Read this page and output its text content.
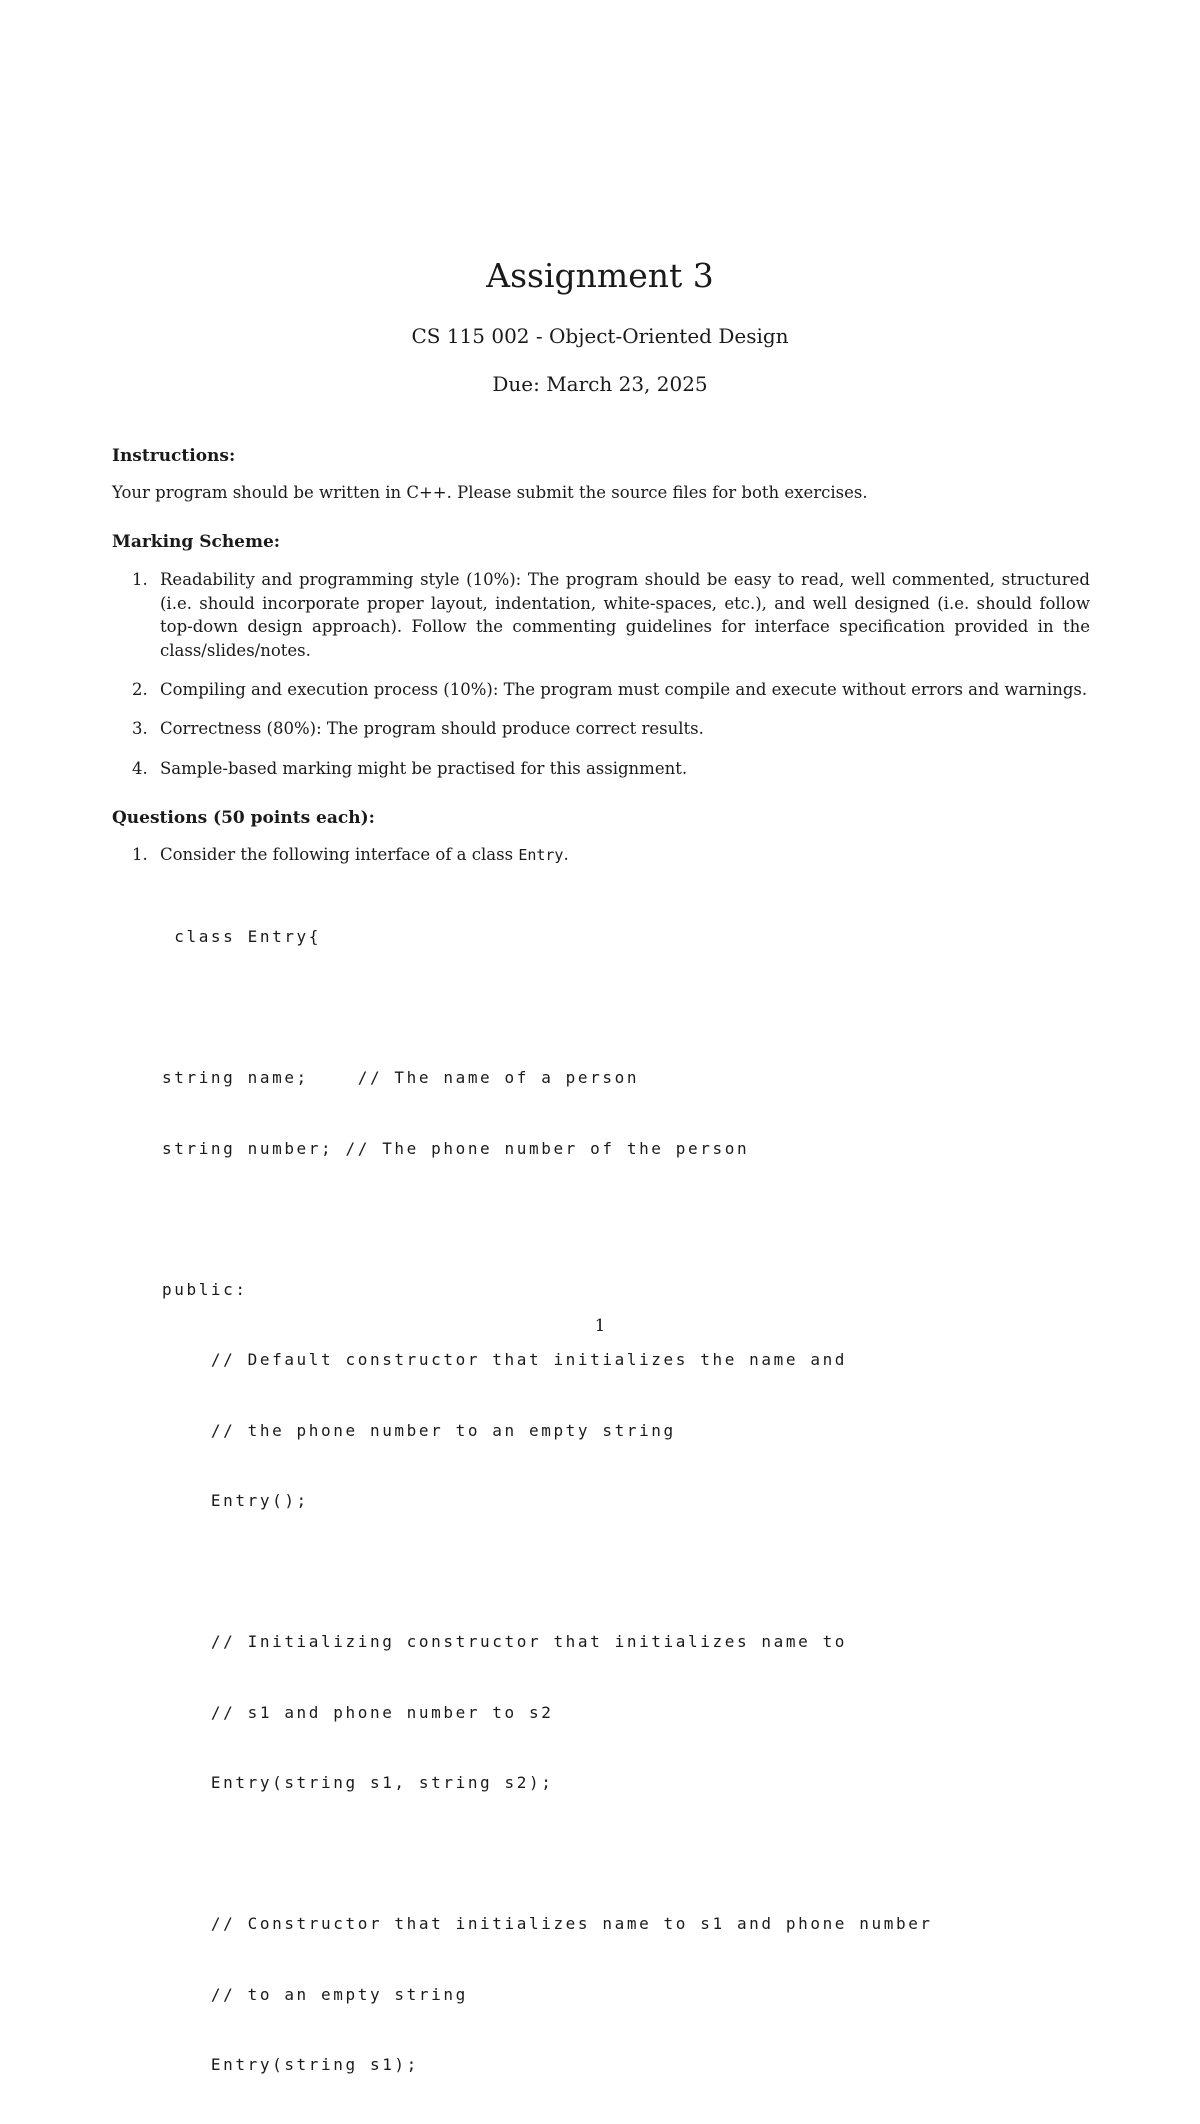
Assignment 3
CS 115 002 - Object-Oriented Design
Due: March 23, 2025
Instructions:

Your program should be written in C++. Please submit the source files for both exercises.

Marking Scheme:
1. Readability and programming style (10%): The program should be easy to read, well commented, structured (i.e. should incorporate proper layout, indentation, white-spaces, etc.), and well designed (i.e. should follow top-down design approach). Follow the commenting guidelines for interface specification provided in the class/slides/notes.
2. Compiling and execution process (10%): The program must compile and execute without errors and warnings.
3. Correctness (80%): The program should produce correct results.
4. Sample-based marking might be practised for this assignment.
Questions (50 points each):
1. Consider the following interface of a class Entry.

class Entry{

string name;    // The name of a person

string number; // The phone number of the person

public:

// Default constructor that initializes the name and

// the phone number to an empty string

Entry();

// Initializing constructor that initializes name to

// s1 and phone number to s2

Entry(string s1, string s2);

// Constructor that initializes name to s1 and phone number

// to an empty string

Entry(string s1);

1
